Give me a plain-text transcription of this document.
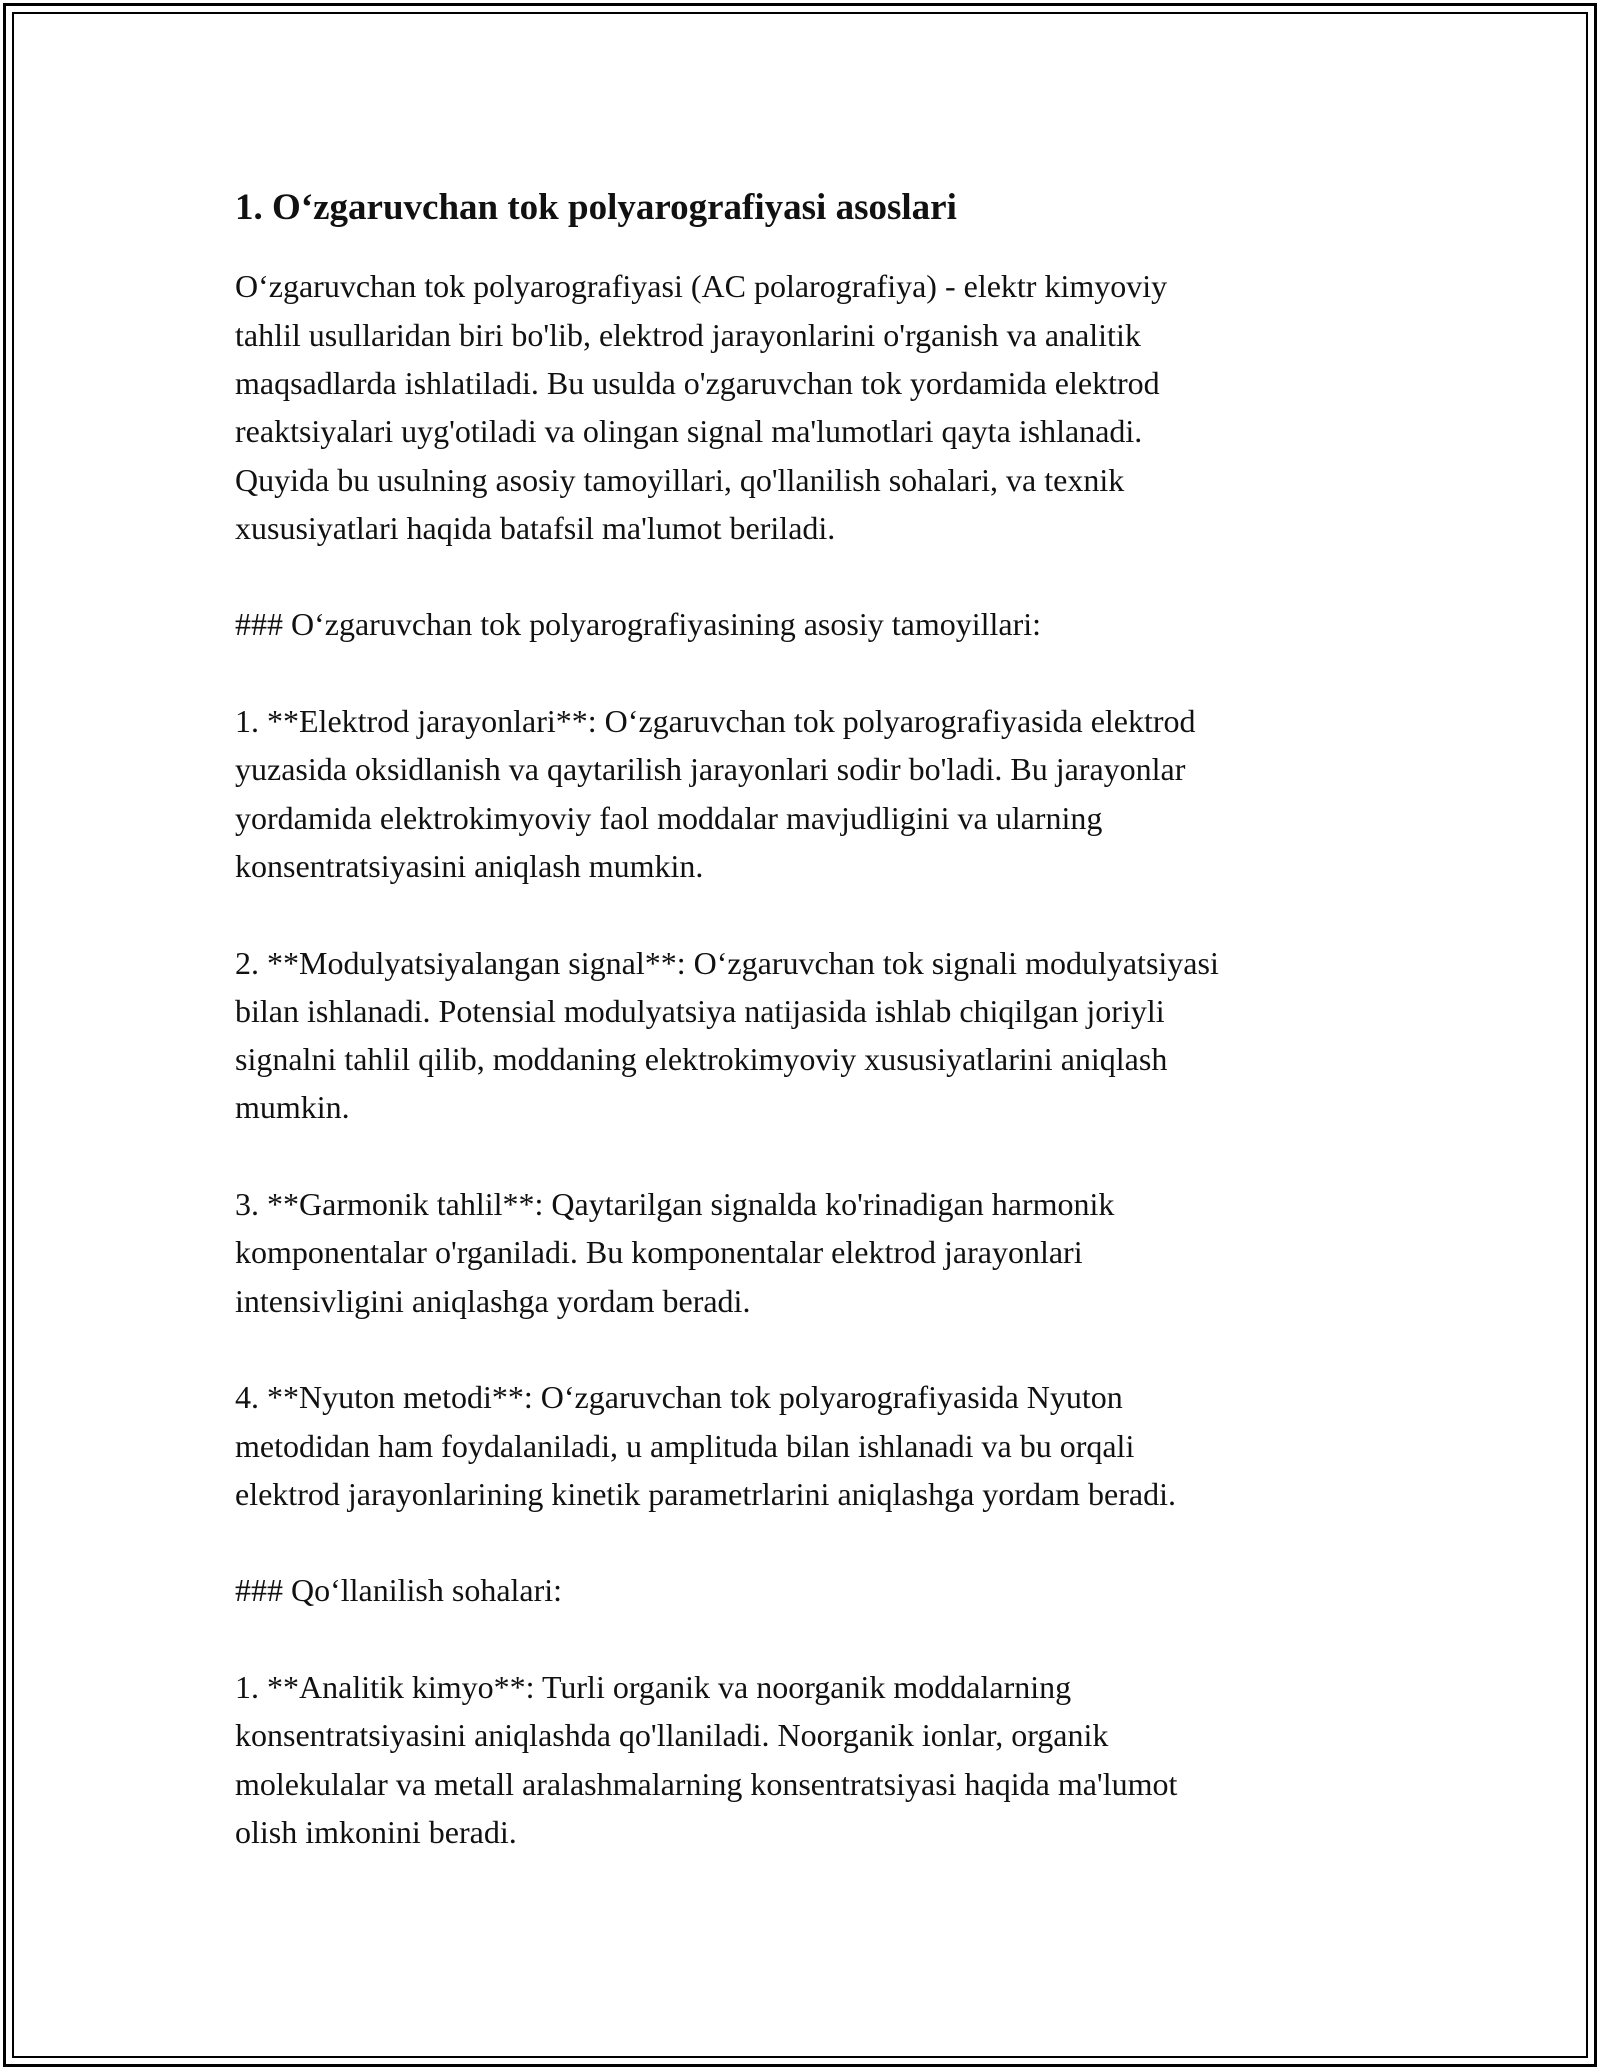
1. O‘zgaruvchan tok polyarografiyasi asoslari

O‘zgaruvchan tok polyarografiyasi (AC polarografiya) - elektr kimyoviy
tahlil usullaridan biri bo'lib, elektrod jarayonlarini o'rganish va analitik
maqsadlarda ishlatiladi. Bu usulda o'zgaruvchan tok yordamida elektrod
reaktsiyalari uyg'otiladi va olingan signal ma'lumotlari qayta ishlanadi.
Quyida bu usulning asosiy tamoyillari, qo'llanilish sohalari, va texnik
xususiyatlari haqida batafsil ma'lumot beriladi.

### O‘zgaruvchan tok polyarografiyasining asosiy tamoyillari:

1. **Elektrod jarayonlari**: O‘zgaruvchan tok polyarografiyasida elektrod
yuzasida oksidlanish va qaytarilish jarayonlari sodir bo'ladi. Bu jarayonlar
yordamida elektrokimyoviy faol moddalar mavjudligini va ularning
konsentratsiyasini aniqlash mumkin.

2. **Modulyatsiyalangan signal**: O‘zgaruvchan tok signali modulyatsiyasi
bilan ishlanadi. Potensial modulyatsiya natijasida ishlab chiqilgan joriyli
signalni tahlil qilib, moddaning elektrokimyoviy xususiyatlarini aniqlash
mumkin.

3. **Garmonik tahlil**: Qaytarilgan signalda ko'rinadigan harmonik
komponentalar o'rganiladi. Bu komponentalar elektrod jarayonlari
intensivligini aniqlashga yordam beradi.

4. **Nyuton metodi**: O‘zgaruvchan tok polyarografiyasida Nyuton
metodidan ham foydalaniladi, u amplituda bilan ishlanadi va bu orqali
elektrod jarayonlarining kinetik parametrlarini aniqlashga yordam beradi.

### Qo‘llanilish sohalari:

1. **Analitik kimyo**: Turli organik va noorganik moddalarning
konsentratsiyasini aniqlashda qo'llaniladi. Noorganik ionlar, organik
molekulalar va metall aralashmalarning konsentratsiyasi haqida ma'lumot
olish imkonini beradi.
